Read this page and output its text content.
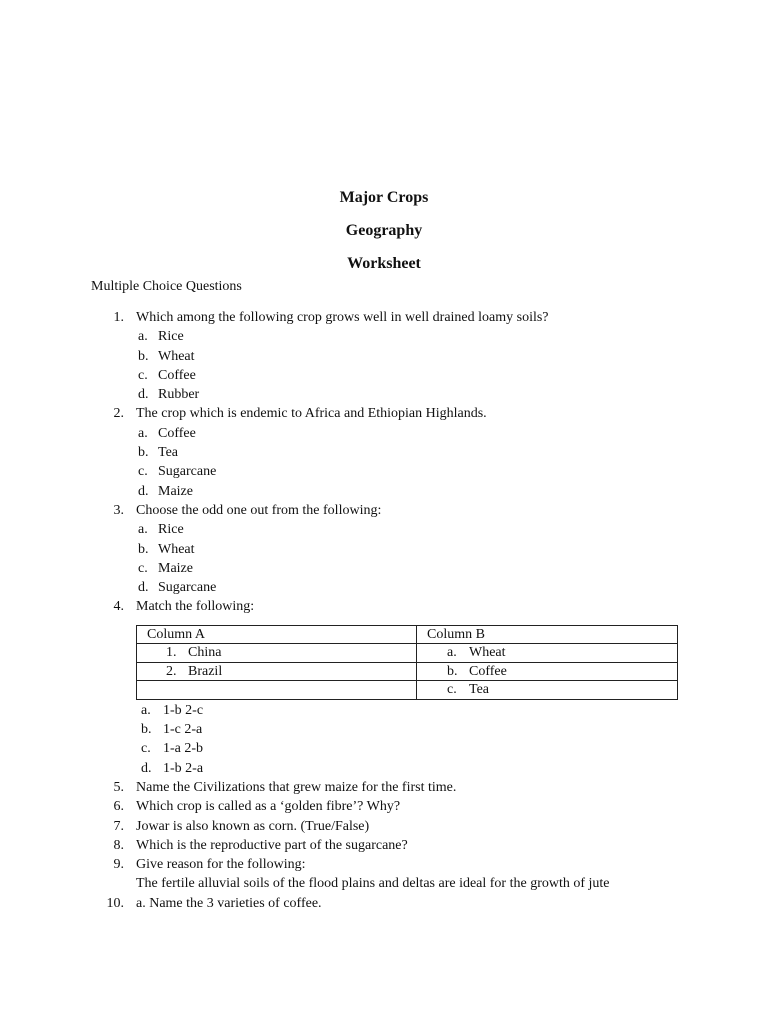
Major Crops
Geography
Worksheet
Multiple Choice Questions
1. Which among the following crop grows well in well drained loamy soils?
a. Rice
b. Wheat
c. Coffee
d. Rubber
2. The crop which is endemic to Africa and Ethiopian Highlands.
a. Coffee
b. Tea
c. Sugarcane
d. Maize
3. Choose the odd one out from the following:
a. Rice
b. Wheat
c. Maize
d. Sugarcane
4. Match the following:
Column A	Column B

1. China	a. Wheat

2. Brazil	b. Coffee

	c. Tea
a. 1-b 2-c
b. 1-c 2-a
c. 1-a 2-b
d. 1-b 2-a
5. Name the Civilizations that grew maize for the first time.
6. Which crop is called as a ‘golden fibre’? Why?
7. Jowar is also known as corn. (True/False)
8. Which is the reproductive part of the sugarcane?
9. Give reason for the following:
The fertile alluvial soils of the flood plains and deltas are ideal for the growth of jute
10. a. Name the 3 varieties of coffee.
